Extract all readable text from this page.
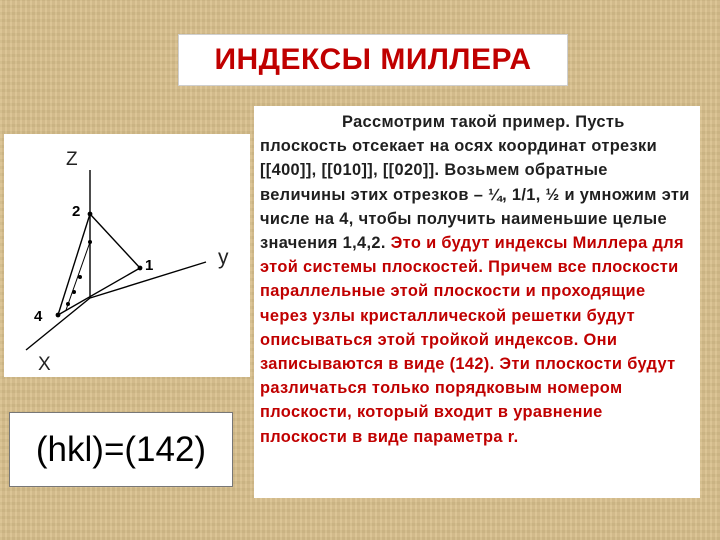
ИНДЕКСЫ МИЛЛЕРА
Z
2
y
1
4
X
(hkl)=(142)
Рассмотрим такой пример. Пусть плоскость отсекает на осях координат отрезки [[400]], [[010]], [[020]]. Возьмем обратные величины этих отрезков – ¼, 1/1, ½ и умножим эти числе на 4, чтобы получить наименьшие целые значения 1,4,2. Это и будут индексы Миллера для этой системы плоскостей. Причем все плоскости параллельные этой плоскости и проходящие через узлы кристаллической решетки будут описываться этой тройкой индексов. Они записываются в виде (142). Эти плоскости будут различаться только порядковым номером плоскости, который входит в уравнение плоскости в виде параметра r.
